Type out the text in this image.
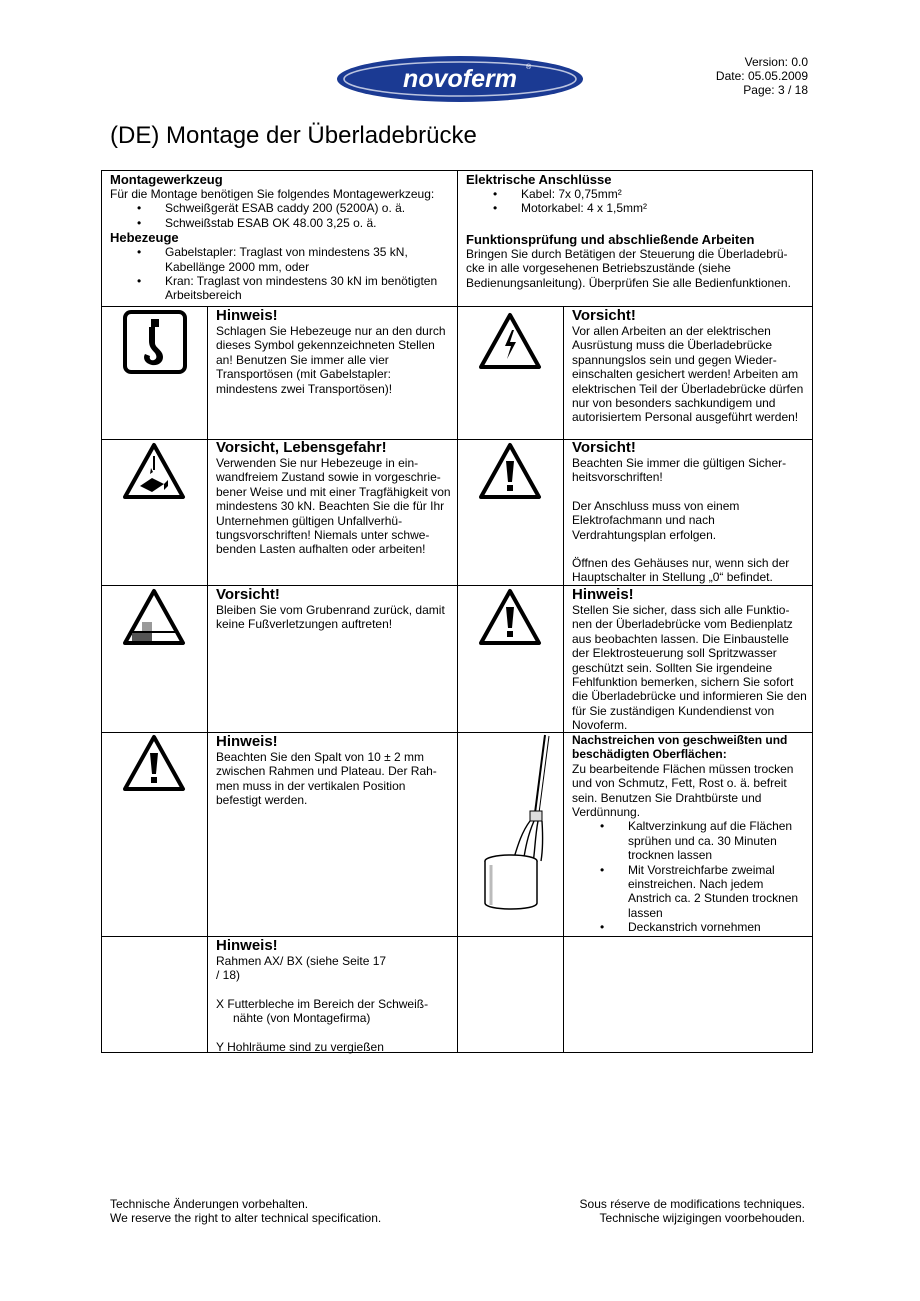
Version: 0.0
Date: 05.05.2009
Page: 3 / 18
novoferm ®
(DE) Montage der Überladebrücke
Montagewerkzeug

Für die Montage benötigen Sie folgendes Montagewerkzeug:

• Schweißgerät ESAB caddy 200 (5200A) o. ä.
• Schweißstab ESAB OK 48.00 3,25 o. ä.
Hebezeuge
• Gabelstapler: Traglast von mindestens 35 kN, Kabellänge 2000 mm, oder
• Kran: Traglast von mindestens 30 kN im benötigten Arbeitsbereich
Elektrische Anschlüsse
• Kabel: 7x 0,75mm²
• Motorkabel: 4 x 1,5mm²
Funktionsprüfung und abschließende Arbeiten

Bringen Sie durch Betätigen der Steuerung die Überladebrü-cke in alle vorgesehenen Betriebszustände (siehe Bedienungsanleitung). Überprüfen Sie alle Bedienfunktionen.

Hinweis!

Schlagen Sie Hebezeuge nur an den durch dieses Symbol gekennzeichneten Stellen an! Benutzen Sie immer alle vier Transportösen (mit Gabelstapler: mindestens zwei Transportösen)!

Vorsicht!

Vor allen Arbeiten an der elektrischen Ausrüstung muss die Überladebrücke spannungslos sein und gegen Wieder-einschalten gesichert werden! Arbeiten am elektrischen Teil der Überladebrücke dürfen nur von besonders sachkundigem und autorisiertem Personal ausgeführt werden!

Vorsicht, Lebensgefahr!

Verwenden Sie nur Hebezeuge in ein-wandfreiem Zustand sowie in vorgeschrie-bener Weise und mit einer Tragfähigkeit von mindestens 30 kN. Beachten Sie die für Ihr Unternehmen gültigen Unfallverhü-tungsvorschriften! Niemals unter schwe-benden Lasten aufhalten oder arbeiten!

Vorsicht!

Beachten Sie immer die gültigen Sicher-heitsvorschriften!

Der Anschluss muss von einem Elektrofachmann und nach Verdrahtungsplan erfolgen.

Öffnen des Gehäuses nur, wenn sich der Hauptschalter in Stellung „0“ befindet.

Vorsicht!

Bleiben Sie vom Grubenrand zurück, damit keine Fußverletzungen auftreten!

Hinweis!

Stellen Sie sicher, dass sich alle Funktio-nen der Überladebrücke vom Bedienplatz aus beobachten lassen. Die Einbaustelle der Elektrosteuerung soll Spritzwasser geschützt sein. Sollten Sie irgendeine Fehlfunktion bemerken, sichern Sie sofort die Überladebrücke und informieren Sie den für Sie zuständigen Kundendienst von Novoferm.

Hinweis!

Beachten Sie den Spalt von 10 ± 2 mm zwischen Rahmen und Plateau. Der Rah-men muss in der vertikalen Position befestigt werden.

Nachstreichen von geschweißten und beschädigten Oberflächen:

Zu bearbeitende Flächen müssen trocken und von Schmutz, Fett, Rost o. ä. befreit sein. Benutzen Sie Drahtbürste und Verdünnung.

• Kaltverzinkung auf die Flächen sprühen und ca. 30 Minuten trocknen lassen
• Mit Vorstreichfarbe zweimal einstreichen. Nach jedem Anstrich ca. 2 Stunden trocknen lassen
• Deckanstrich vornehmen
Hinweis!

Rahmen AX/ BX (siehe Seite 17 / 18)

X Futterbleche im Bereich der Schweiß-nähte (von Montagefirma)

Y Hohlräume sind zu vergießen

Technische Änderungen vorbehalten.
We reserve the right to alter technical specification.
Sous réserve de modifications techniques.
Technische wijzigingen voorbehouden.
